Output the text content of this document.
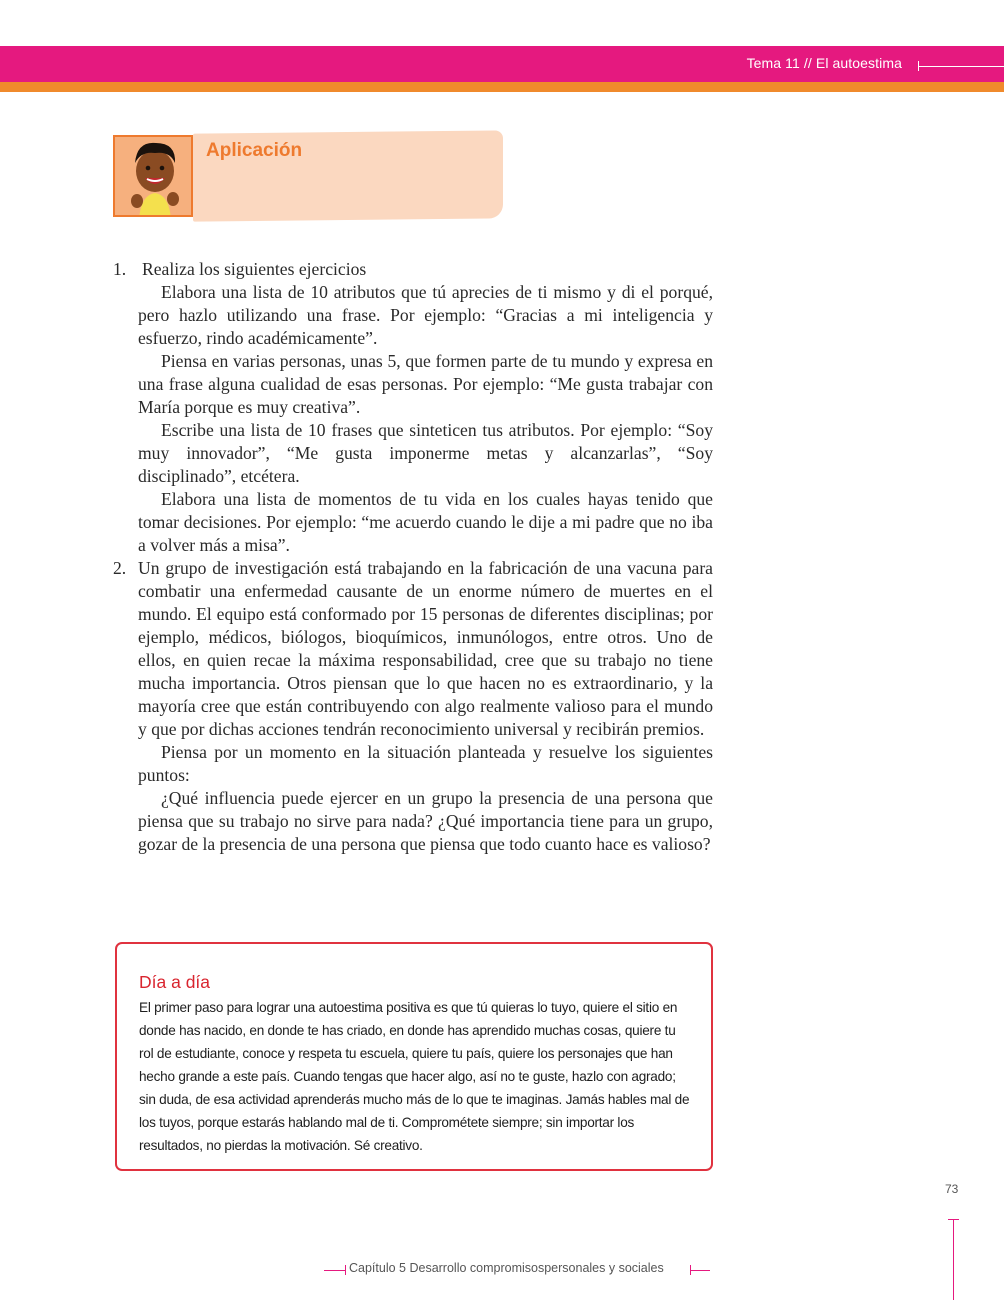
Tema 11 // El autoestima
Aplicación
1. Realiza los siguientes ejercicios

Elabora una lista de 10 atributos que tú aprecies de ti mismo y di el porqué, pero hazlo utilizando una frase. Por ejemplo: “Gracias a mi inteligencia y esfuerzo, rindo académicamente”.

Piensa en varias personas, unas 5, que formen parte de tu mundo y expresa en una frase alguna cualidad de esas personas. Por ejemplo: “Me gusta trabajar con María porque es muy creativa”.

Escribe una lista de 10 frases que sinteticen tus atributos. Por ejemplo: “Soy muy innovador”, “Me gusta imponerme metas y alcanzarlas”, “Soy disciplinado”, etcétera.

Elabora una lista de momentos de tu vida en los cuales hayas tenido que tomar decisiones. Por ejemplo: “me acuerdo cuando le dije a mi padre que no iba a volver más a misa”.

2. Un grupo de investigación está trabajando en la fabricación de una vacuna para combatir una enfermedad causante de un enorme número de muertes en el mundo. El equipo está conformado por 15 personas de diferentes disciplinas; por ejemplo, médicos, biólogos, bioquímicos, inmunólogos, entre otros. Uno de ellos, en quien recae la máxima responsabilidad, cree que su trabajo no tiene mucha importancia. Otros piensan que lo que hacen no es extraordinario, y la mayoría cree que están contribuyendo con algo realmente valioso para el mundo y que por dichas acciones tendrán reconocimiento universal y recibirán premios.

Piensa por un momento en la situación planteada y resuelve los siguientes puntos:

¿Qué influencia puede ejercer en un grupo la presencia de una persona que piensa que su trabajo no sirve para nada? ¿Qué importancia tiene para un grupo, gozar de la presencia de una persona que piensa que todo cuanto hace es valioso?

Día a día
El primer paso para lograr una autoestima positiva es que tú quieras lo tuyo, quiere el sitio en donde has nacido, en donde te has criado, en donde has aprendido muchas cosas, quiere tu rol de estudiante, conoce y respeta tu escuela, quiere tu país, quiere los personajes que han hecho grande a este país. Cuando tengas que hacer algo, así no te guste, hazlo con agrado; sin duda, de esa actividad aprenderás mucho más de lo que te imaginas. Jamás hables mal de los tuyos, porque estarás hablando mal de ti. Comprométete siempre; sin importar los resultados, no pierdas la motivación. Sé creativo.
73
Capítulo 5 Desarrollo compromisospersonales y sociales
